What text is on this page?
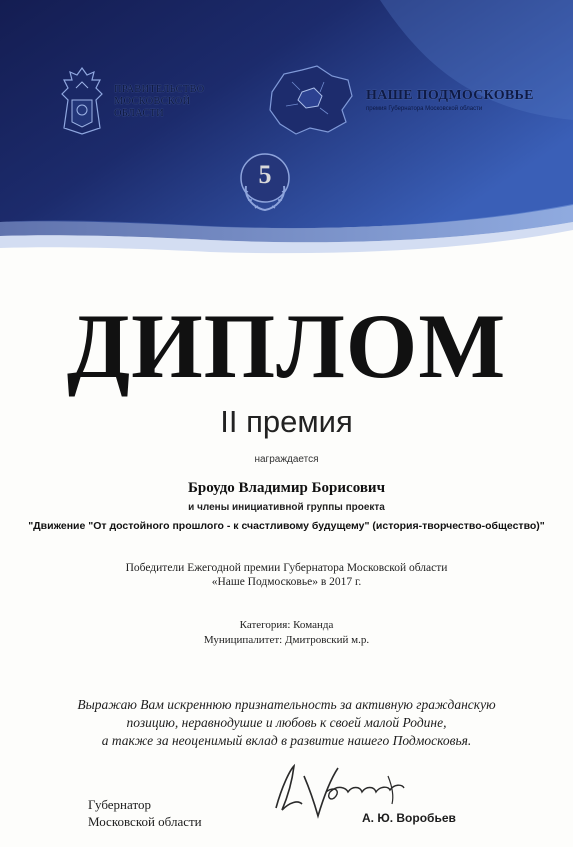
ПРАВИТЕЛЬСТВО
МОСКОВСКОЙ
ОБЛАСТИ
НАШЕ ПОДМОСКОВЬЕ
премия Губернатора Московской области
5
ДИПЛОМ
II премия
награждается
Броудо Владимир Борисович
и члены инициативной группы проекта
"Движение "От достойного прошлого - к счастливому будущему" (история-творчество-общество)"
Победители Ежегодной премии Губернатора Московской области
«Наше Подмосковье» в 2017 г.
Категория: Команда
Муниципалитет: Дмитровский м.р.
Выражаю Вам искреннюю признательность за активную гражданскую
позицию, неравнодушие и любовь к своей малой Родине,
а также за неоценимый вклад в развитие нашего Подмосковья.
Губернатор
Московской области	А. Ю. Воробьев
